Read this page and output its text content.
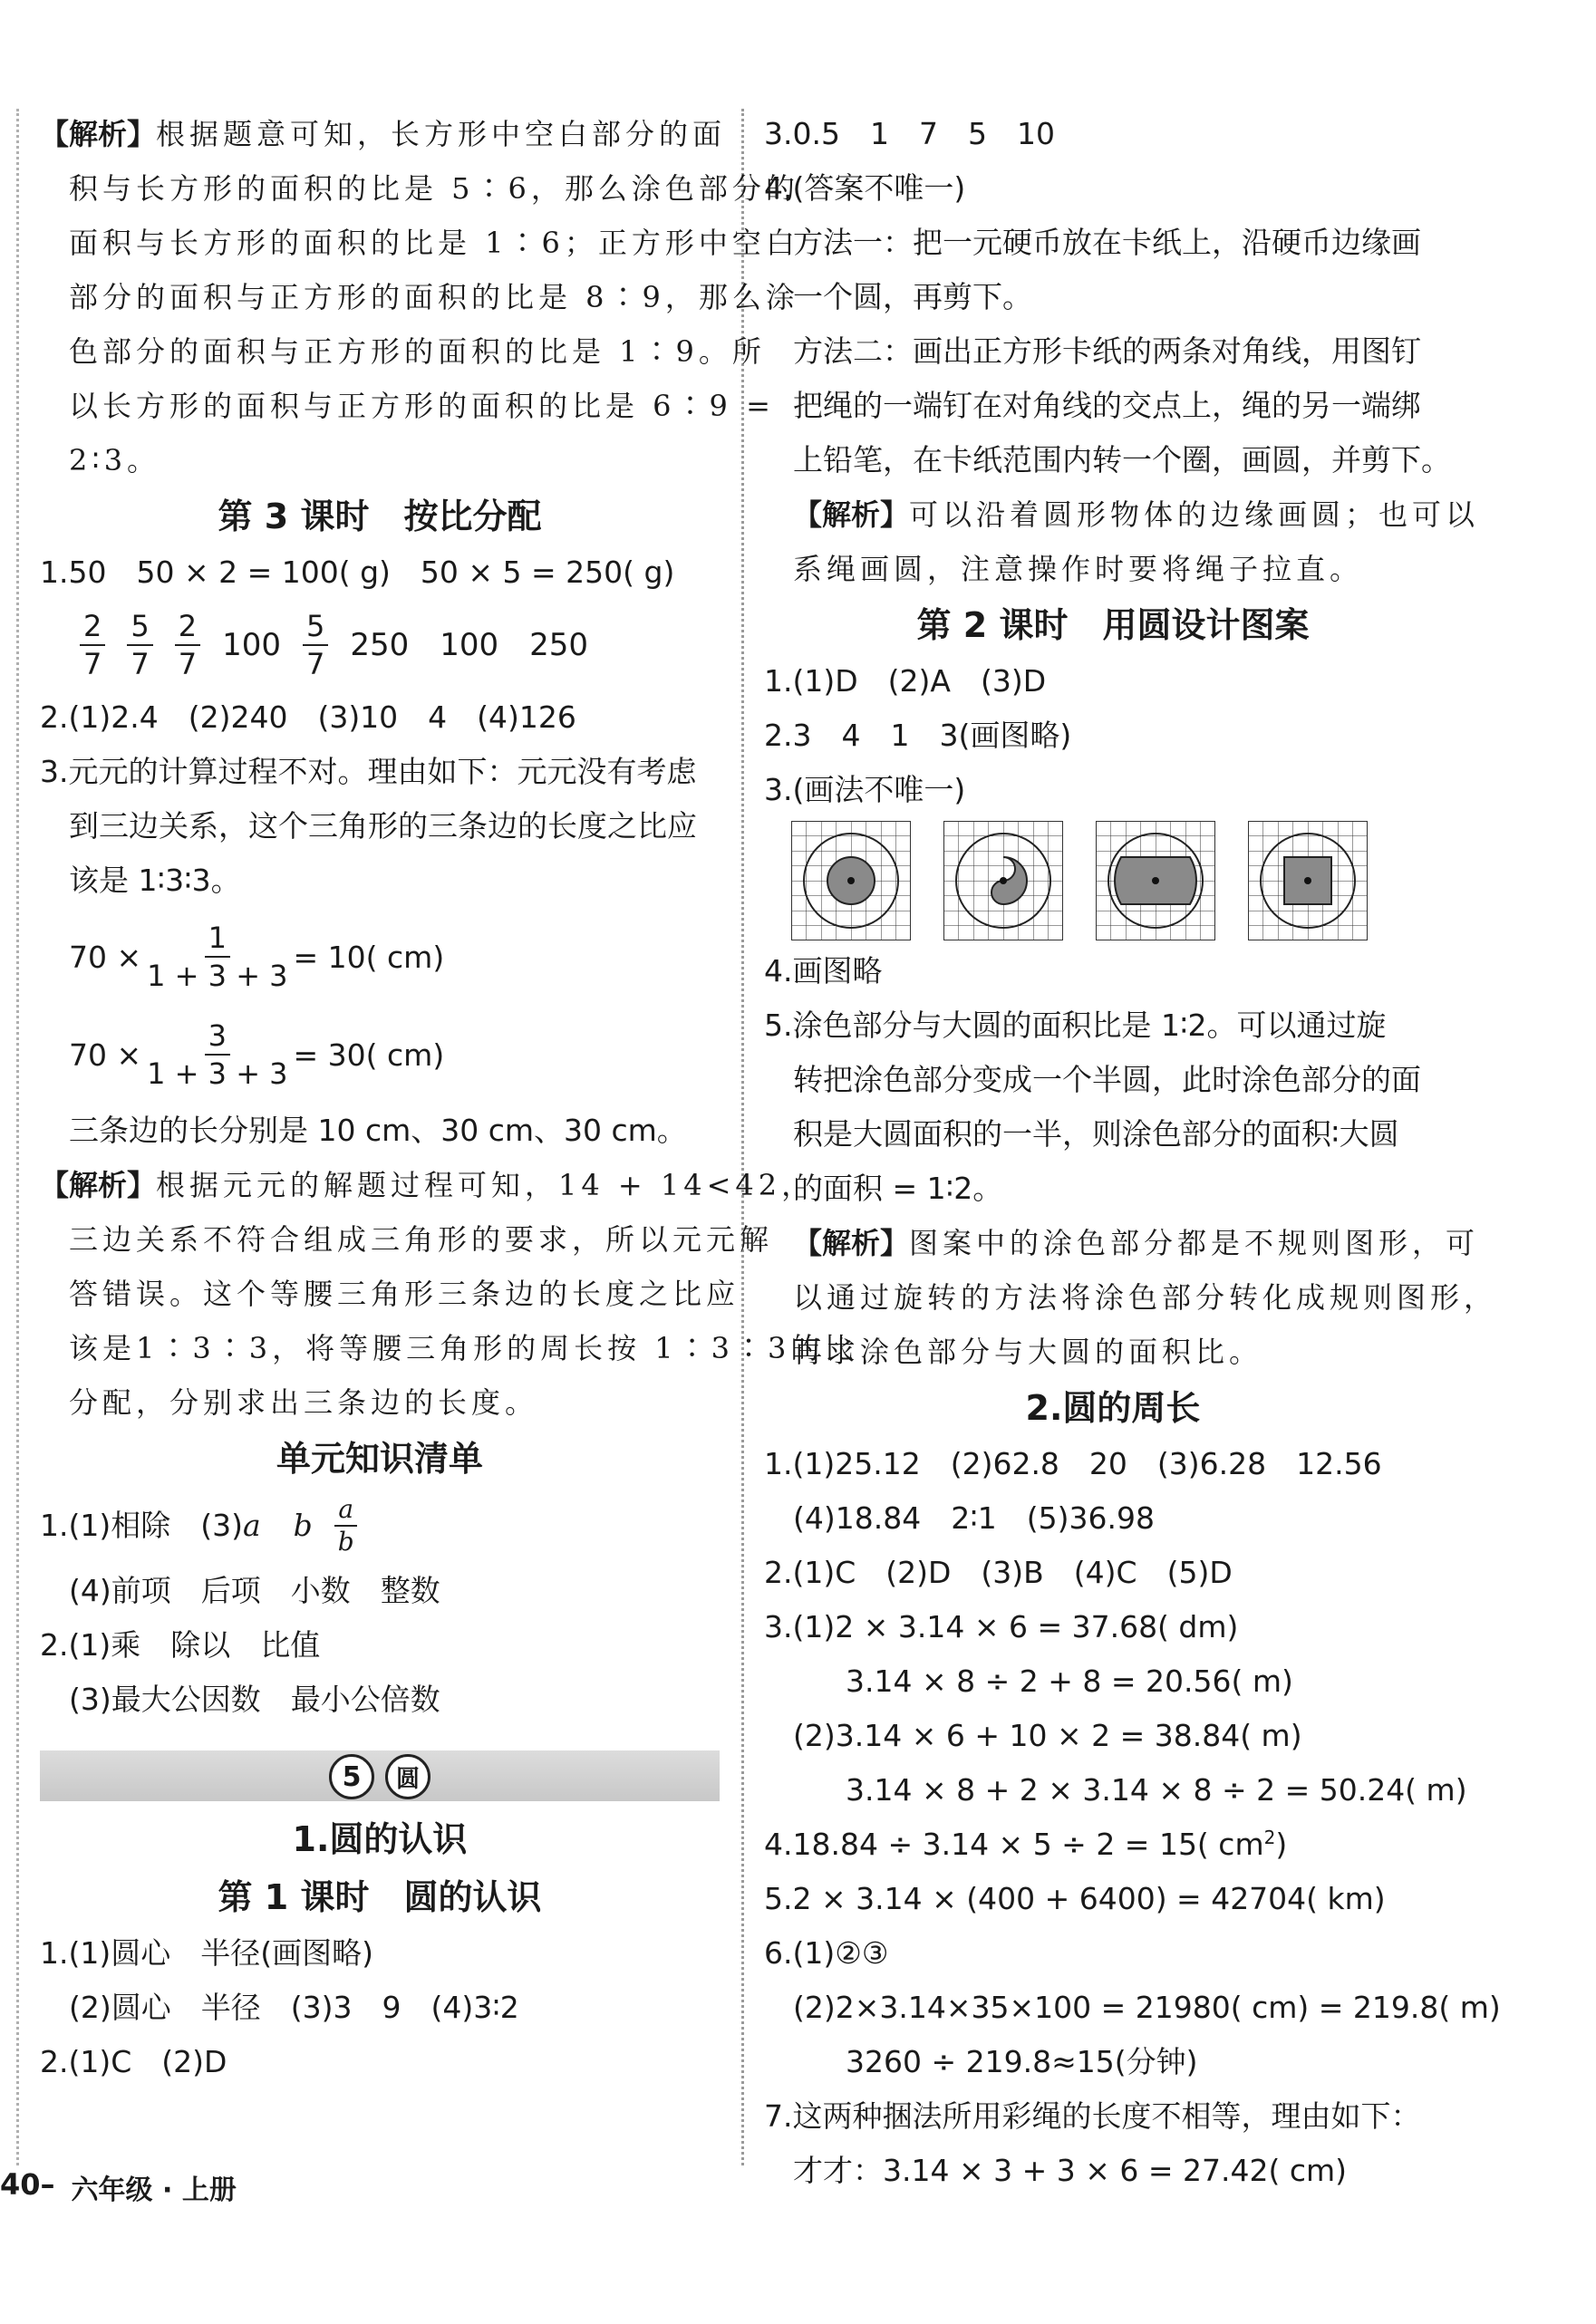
【解析】根据题意可知，长方形中空白部分的面
积与长方形的面积的比是 5∶6，那么涂色部分的
面积与长方形的面积的比是 1∶6；正方形中空白
部分的面积与正方形的面积的比是 8∶9，那么涂
色部分的面积与正方形的面积的比是 1∶9。所
以长方形的面积与正方形的面积的比是 6∶9 =
2∶3。
第 3 课时　按比分配
1.50　50 × 2 = 100( g)　50 × 5 = 250( g)
$\frac{2}{7} \frac{5}{7} \frac{2}{7} 100 \frac{5}{7} 250$　100　250
2.(1)2.4　(2)240　(3)10　4　(4)126
3.元元的计算过程不对。理由如下：元元没有考虑
到三边关系，这个三角形的三条边的长度之比应
该是 1∶3∶3。
$70 \times \frac{1}{1 + 3 + 3} = 10$( cm)
$70 \times \frac{3}{1 + 3 + 3} = 30$( cm)
三条边的长分别是 10 cm、30 cm、30 cm。
【解析】根据元元的解题过程可知，14 + 14<42，
三边关系不符合组成三角形的要求，所以元元解
答错误。这个等腰三角形三条边的长度之比应
该是1∶3∶3，将等腰三角形的周长按 1∶3∶3的比
分配，分别求出三条边的长度。
单元知识清单
1.(1)相除　(3) a b $\frac{a}{b}$
(4)前项　后项　小数　整数
2.(1)乘　除以　比值
(3)最大公因数　最小公倍数
5	圆
1.圆的认识
第 1 课时　圆的认识
1.(1)圆心　半径(画图略)
(2)圆心　半径　(3)3　9　(4)3∶2
2.(1)C　(2)D
3.0.5　1　7　5　10
4.(答案不唯一)
方法一：把一元硬币放在卡纸上，沿硬币边缘画
一个圆，再剪下。
方法二：画出正方形卡纸的两条对角线，用图钉
把绳的一端钉在对角线的交点上，绳的另一端绑
上铅笔，在卡纸范围内转一个圈，画圆，并剪下。
【解析】可以沿着圆形物体的边缘画圆；也可以
系绳画圆，注意操作时要将绳子拉直。
第 2 课时　用圆设计图案
1.(1)D　(2)A　(3)D
2.3　4　1　3(画图略)
3.(画法不唯一)
4.画图略
5.涂色部分与大圆的面积比是 1∶2。可以通过旋
转把涂色部分变成一个半圆，此时涂色部分的面
积是大圆面积的一半，则涂色部分的面积∶大圆
的面积 = 1∶2。
【解析】图案中的涂色部分都是不规则图形，可
以通过旋转的方法将涂色部分转化成规则图形，
再求涂色部分与大圆的面积比。
2.圆的周长
1.(1)25.12　(2)62.8　20　(3)6.28　12.56
(4)18.84　2∶1　(5)36.98
2.(1)C　(2)D　(3)B　(4)C　(5)D
3.(1)2 × 3.14 × 6 = 37.68( dm)
3.14 × 8 ÷ 2 + 8 = 20.56( m)
(2)3.14 × 6 + 10 × 2 = 38.84( m)
3.14 × 8 + 2 × 3.14 × 8 ÷ 2 = 50.24( m)
4.18.84 ÷ 3.14 × 5 ÷ 2 = 15( $cm^2$)
5.2 × 3.14 × (400 + 6400) = 42704( km)
6.(1)②③
(2)2×3.14×35×100 = 21980( cm) = 219.8( m)
3260 ÷ 219.8≈15(分钟)
7.这两种捆法所用彩绳的长度不相等，理由如下：
才才：3.14 × 3 + 3 × 6 = 27.42( cm)
40– 六年级 · 上册
